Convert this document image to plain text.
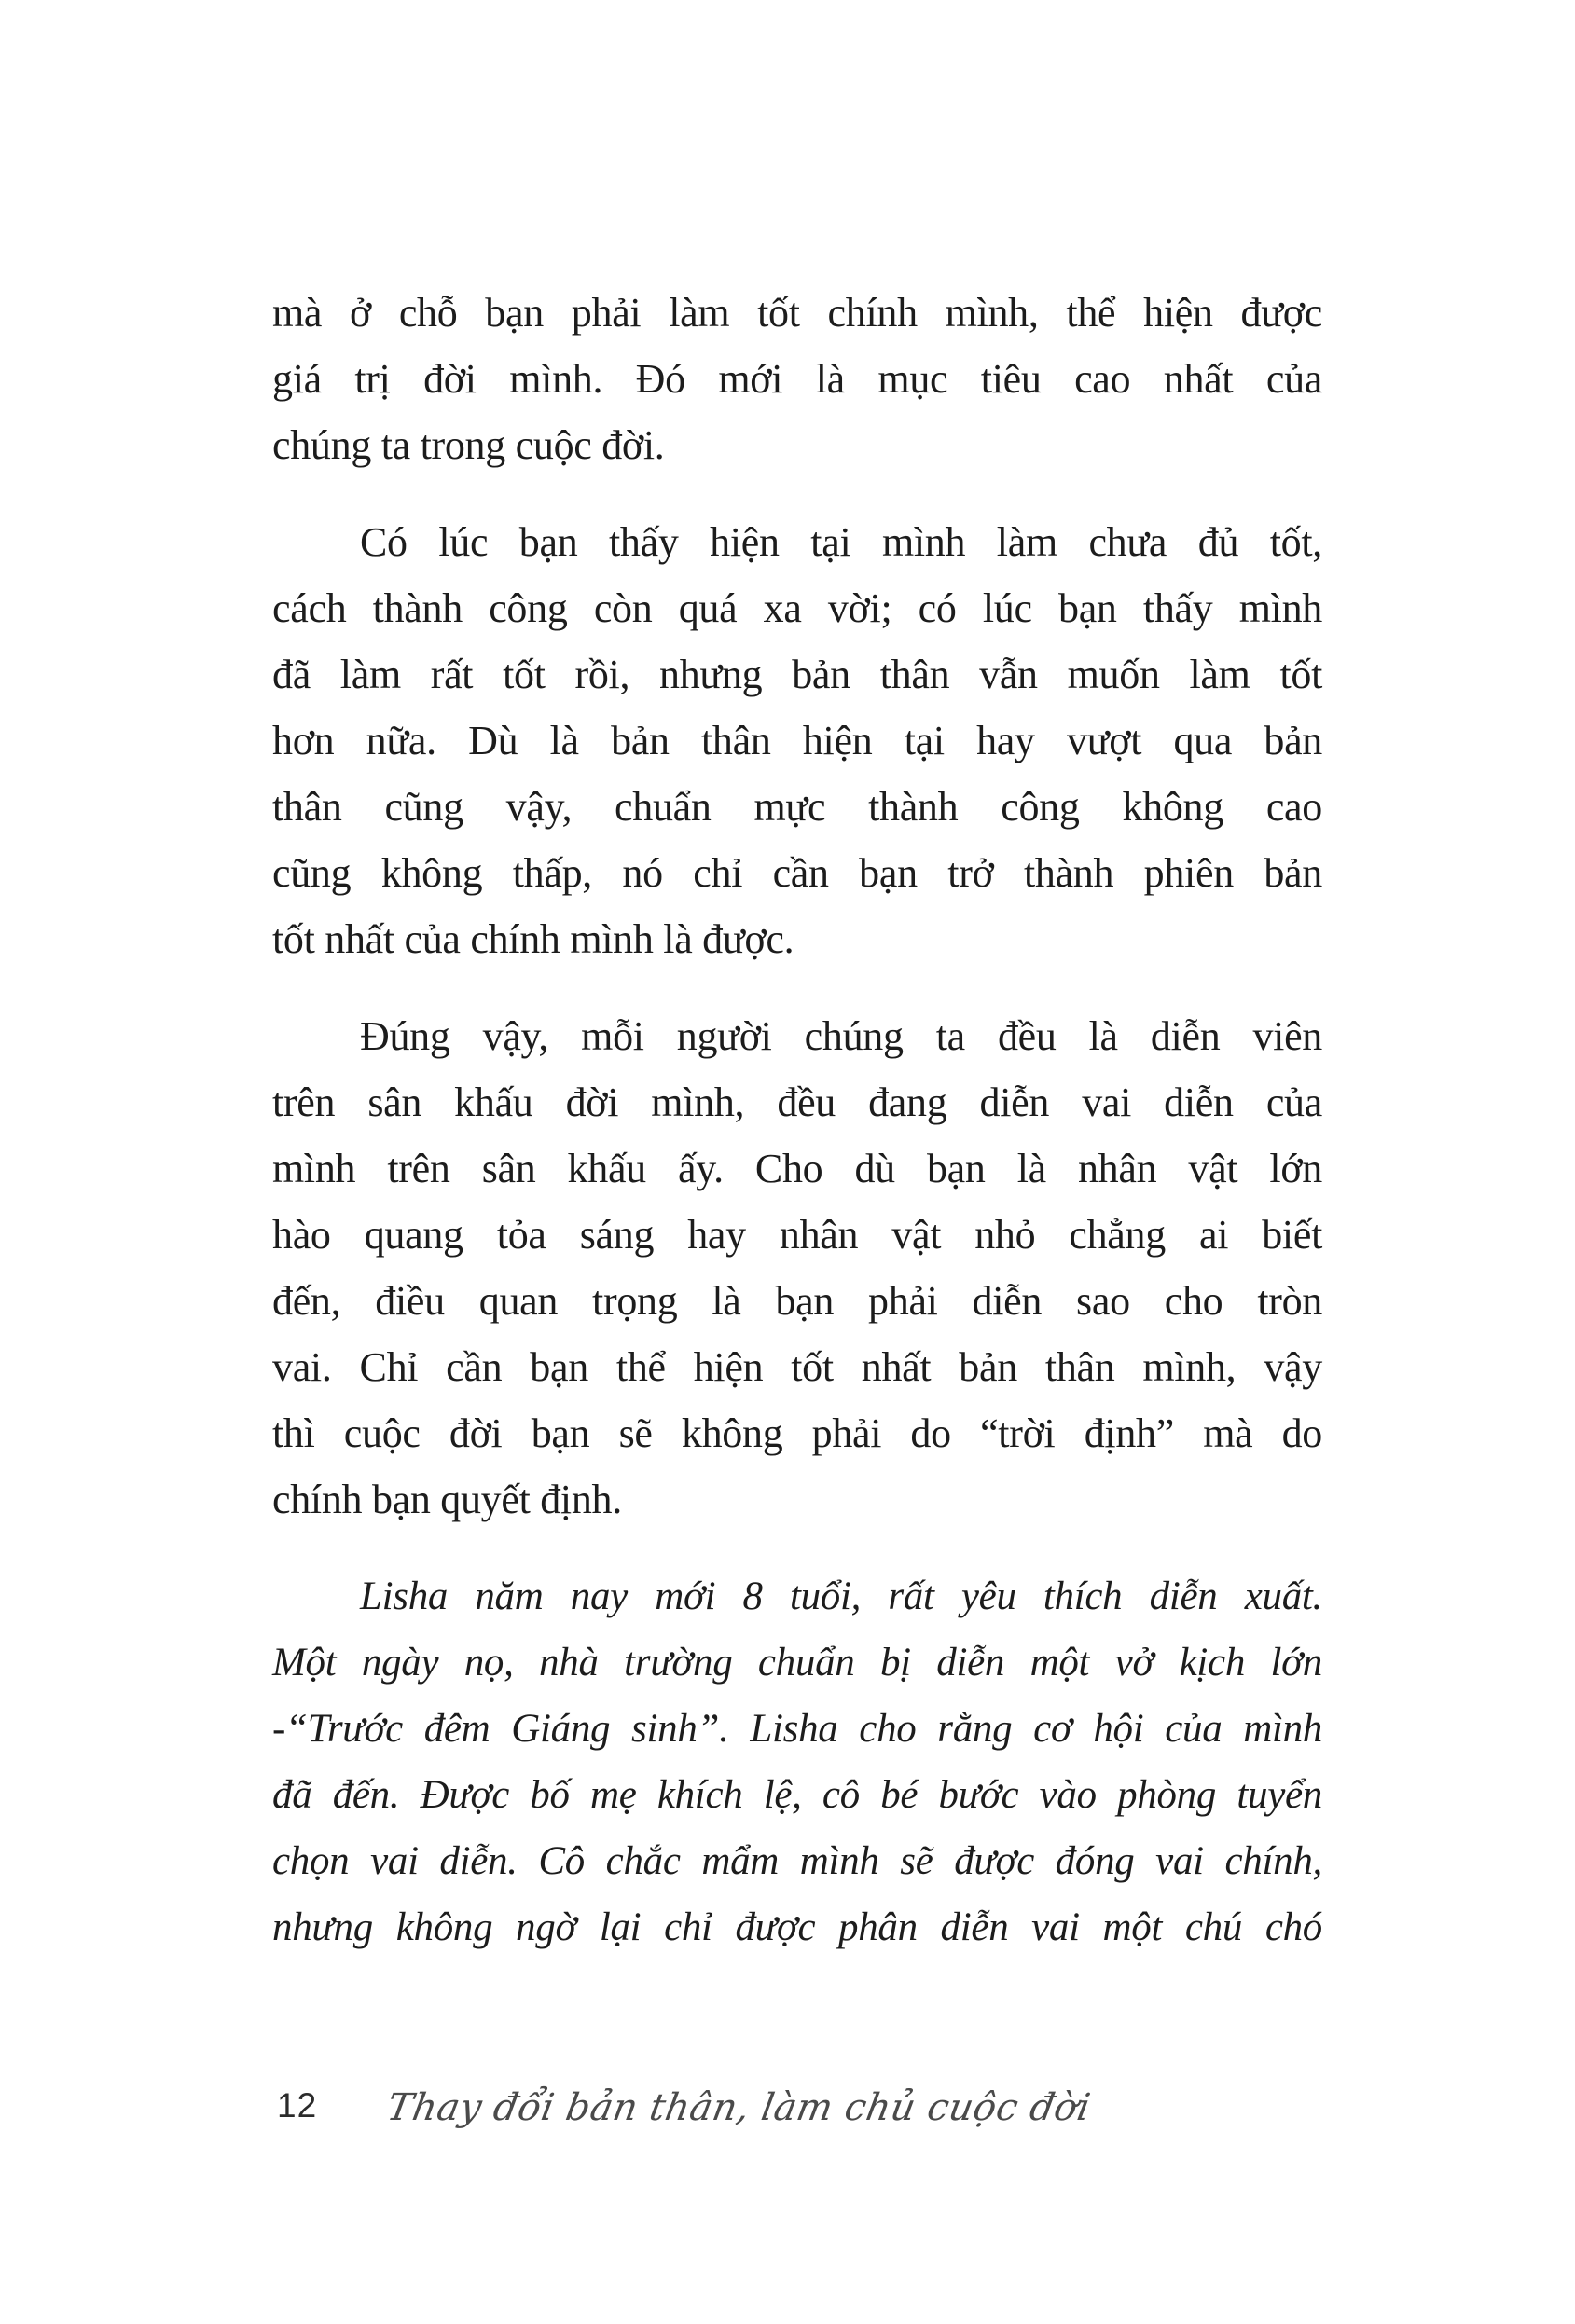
mà ở chỗ bạn phải làm tốt chính mình, thể hiện được
giá trị đời mình. Đó mới là mục tiêu cao nhất của
chúng ta trong cuộc đời.
Có lúc bạn thấy hiện tại mình làm chưa đủ tốt,
cách thành công còn quá xa vời; có lúc bạn thấy mình
đã làm rất tốt rồi, nhưng bản thân vẫn muốn làm tốt
hơn nữa. Dù là bản thân hiện tại hay vượt qua bản
thân cũng vậy, chuẩn mực thành công không cao
cũng không thấp, nó chỉ cần bạn trở thành phiên bản
tốt nhất của chính mình là được.
Đúng vậy, mỗi người chúng ta đều là diễn viên
trên sân khấu đời mình, đều đang diễn vai diễn của
mình trên sân khấu ấy. Cho dù bạn là nhân vật lớn
hào quang tỏa sáng hay nhân vật nhỏ chẳng ai biết
đến, điều quan trọng là bạn phải diễn sao cho tròn
vai. Chỉ cần bạn thể hiện tốt nhất bản thân mình, vậy
thì cuộc đời bạn sẽ không phải do “trời định” mà do
chính bạn quyết định.
Lisha năm nay mới 8 tuổi, rất yêu thích diễn xuất.
Một ngày nọ, nhà trường chuẩn bị diễn một vở kịch lớn
-“Trước đêm Giáng sinh”. Lisha cho rằng cơ hội của mình
đã đến. Được bố mẹ khích lệ, cô bé bước vào phòng tuyển
chọn vai diễn. Cô chắc mẩm mình sẽ được đóng vai chính,
nhưng không ngờ lại chỉ được phân diễn vai một chú chó
12 Thay đổi bản thân, làm chủ cuộc đời
